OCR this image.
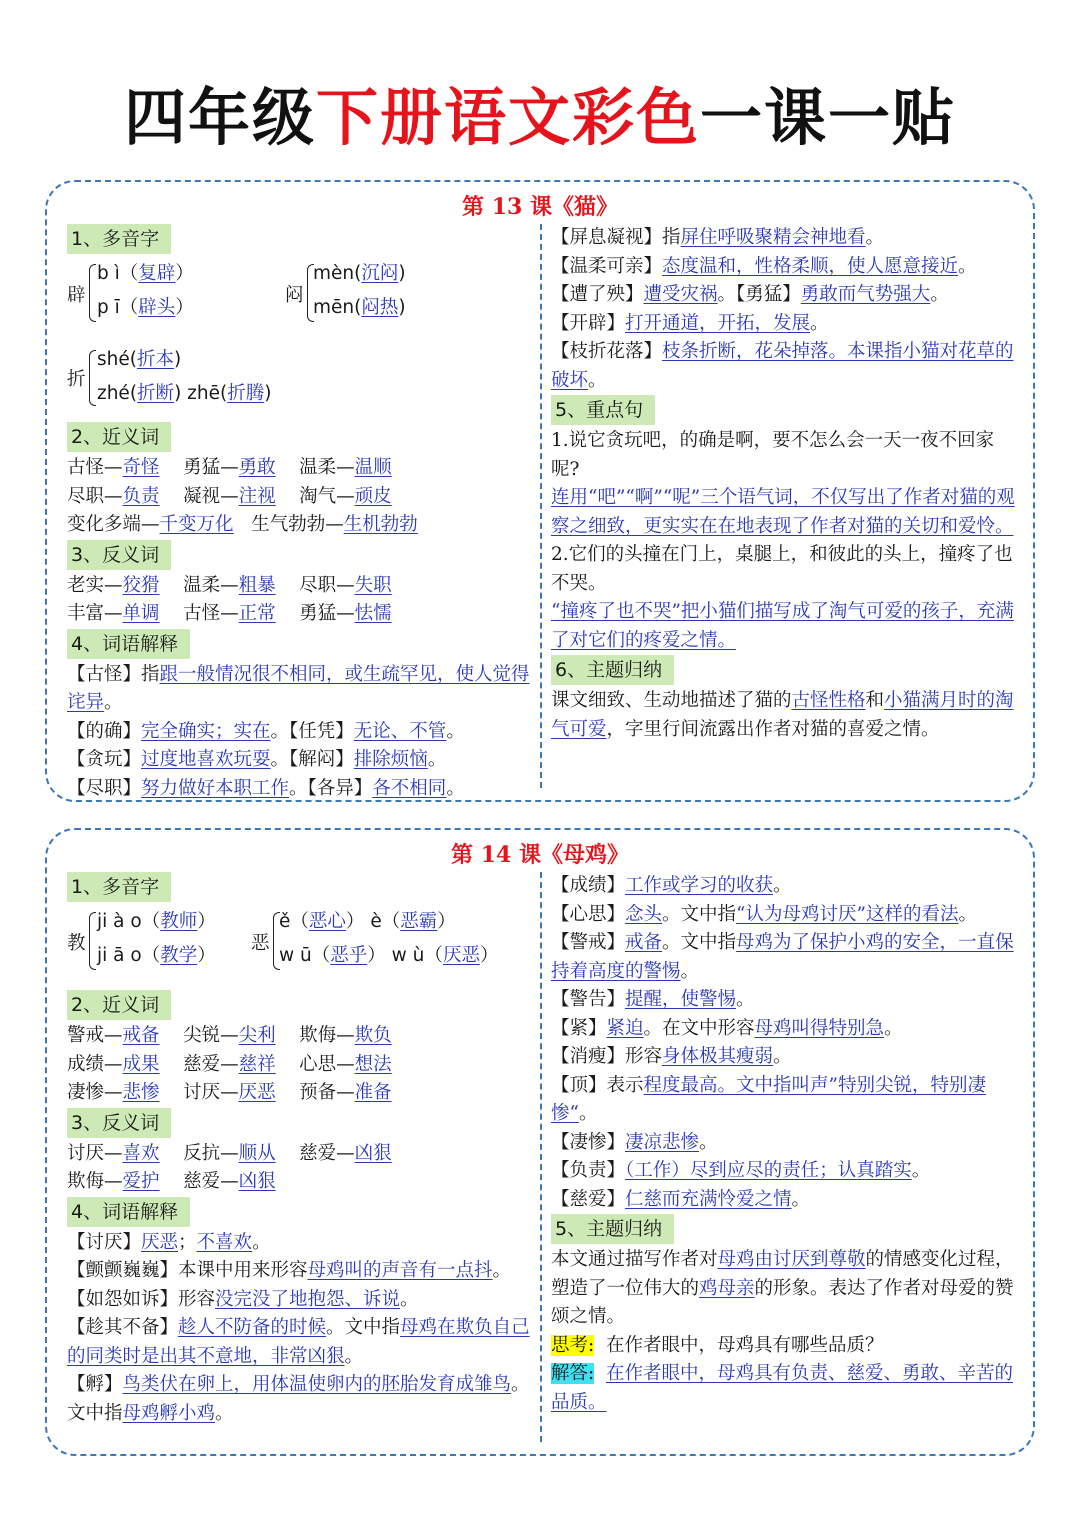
四年级下册语文彩色一课一贴
第 13 课《猫》
1、多音字
辟
b ì（复辟）
p ī（辟头）
闷
mèn(沉闷)
mēn(闷热)
折
shé(折本)
zhé(折断) zhē(折腾)
2、近义词
古怪—奇怪 勇猛—勇敢 温柔—温顺
尽职—负责 凝视—注视 淘气—顽皮
变化多端—千变万化 生气勃勃—生机勃勃
3、反义词
老实—狡猾 温柔—粗暴 尽职—失职
丰富—单调 古怪—正常 勇猛—怯懦
4、词语解释
【古怪】指跟一般情况很不相同，或生疏罕见，使人觉得诧异。
【的确】完全确实；实在。【任凭】无论、不管。
【贪玩】过度地喜欢玩耍。【解闷】排除烦恼。
【尽职】努力做好本职工作。【各异】各不相同。
【屏息凝视】指屏住呼吸聚精会神地看。
【温柔可亲】态度温和，性格柔顺，使人愿意接近。
【遭了殃】遭受灾祸。【勇猛】勇敢而气势强大。
【开辟】打开通道，开拓，发展。
【枝折花落】枝条折断，花朵掉落。本课指小猫对花草的破坏。
5、重点句
1.说它贪玩吧，的确是啊，要不怎么会一天一夜不回家呢?
连用“吧”“啊”“呢”三个语气词，不仅写出了作者对猫的观察之细致，更实实在在地表现了作者对猫的关切和爱怜。
2.它们的头撞在门上，桌腿上，和彼此的头上，撞疼了也不哭。
“撞疼了也不哭”把小猫们描写成了淘气可爱的孩子，充满了对它们的疼爱之情。
6、主题归纳
课文细致、生动地描述了猫的古怪性格和小猫满月时的淘气可爱，字里行间流露出作者对猫的喜爱之情。
第 14 课《母鸡》
1、多音字
教
ji à o（教师）
ji ā o（教学）
恶
ě（恶心） è（恶霸）
w ū（恶乎） w ù（厌恶）
2、近义词
警戒—戒备 尖锐—尖利 欺侮—欺负
成绩—成果 慈爱—慈祥 心思—想法
凄惨—悲惨 讨厌—厌恶 预备—准备
3、反义词
讨厌—喜欢 反抗—顺从 慈爱—凶狠
欺侮—爱护 慈爱—凶狠
4、词语解释
【讨厌】厌恶；不喜欢。
【颤颤巍巍】本课中用来形容母鸡叫的声音有一点抖。
【如怨如诉】形容没完没了地抱怨、诉说。
【趁其不备】趁人不防备的时候。文中指母鸡在欺负自己的同类时是出其不意地，非常凶狠。
【孵】鸟类伏在卵上，用体温使卵内的胚胎发育成雏鸟。文中指母鸡孵小鸡。
【成绩】工作或学习的收获。
【心思】念头。文中指“认为母鸡讨厌”这样的看法。
【警戒】戒备。文中指母鸡为了保护小鸡的安全，一直保持着高度的警惕。
【警告】提醒，使警惕。
【紧】紧迫。在文中形容母鸡叫得特别急。
【消瘦】形容身体极其瘦弱。
【顶】表示程度最高。文中指叫声”特别尖锐，特别凄惨“。
【凄惨】凄凉悲惨。
【负责】（工作）尽到应尽的责任；认真踏实。
【慈爱】仁慈而充满怜爱之情。
5、主题归纳
本文通过描写作者对母鸡由讨厌到尊敬的情感变化过程，塑造了一位伟大的鸡母亲的形象。表达了作者对母爱的赞颂之情。
思考: 在作者眼中，母鸡具有哪些品质？
解答: 在作者眼中，母鸡具有负责、慈爱、勇敢、辛苦的品质。
